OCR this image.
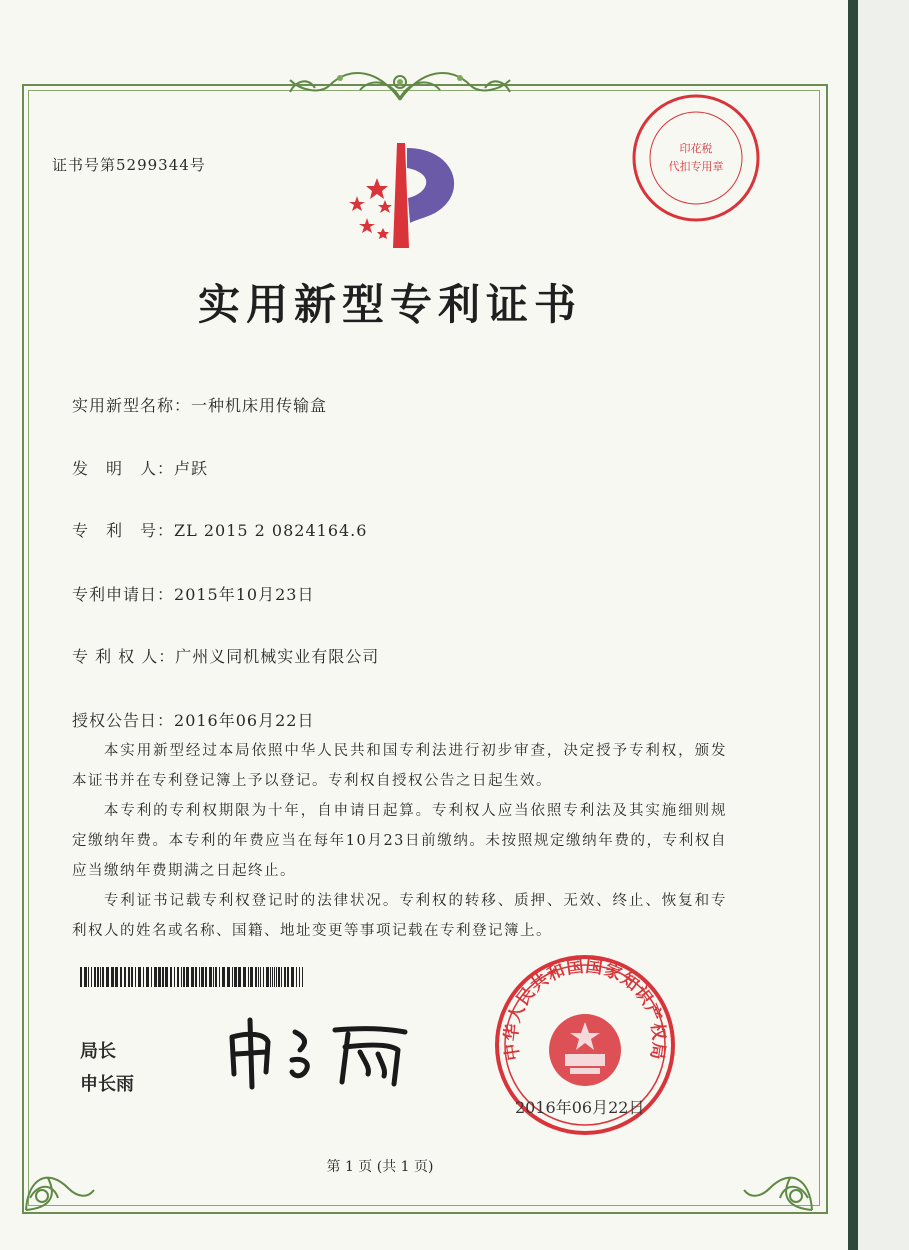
证书号第5299344号
印花税
代扣专用章
实用新型专利证书
实用新型名称：一种机床用传输盒
发　明　人：卢跃
专　利　号：ZL 2015 2 0824164.6
专利申请日：2015年10月23日
专 利 权 人：广州义同机械实业有限公司
授权公告日：2016年06月22日

本实用新型经过本局依照中华人民共和国专利法进行初步审查，决定授予专利权，颁发本证书并在专利登记簿上予以登记。专利权自授权公告之日起生效。

本专利的专利权期限为十年，自申请日起算。专利权人应当依照专利法及其实施细则规定缴纳年费。本专利的年费应当在每年10月23日前缴纳。未按照规定缴纳年费的，专利权自应当缴纳年费期满之日起终止。

专利证书记载专利权登记时的法律状况。专利权的转移、质押、无效、终止、恢复和专利权人的姓名或名称、国籍、地址变更等事项记载在专利登记簿上。

局长
申长雨
中华人民共和国国家知识产权局
2016年06月22日
第 1 页 (共 1 页)
